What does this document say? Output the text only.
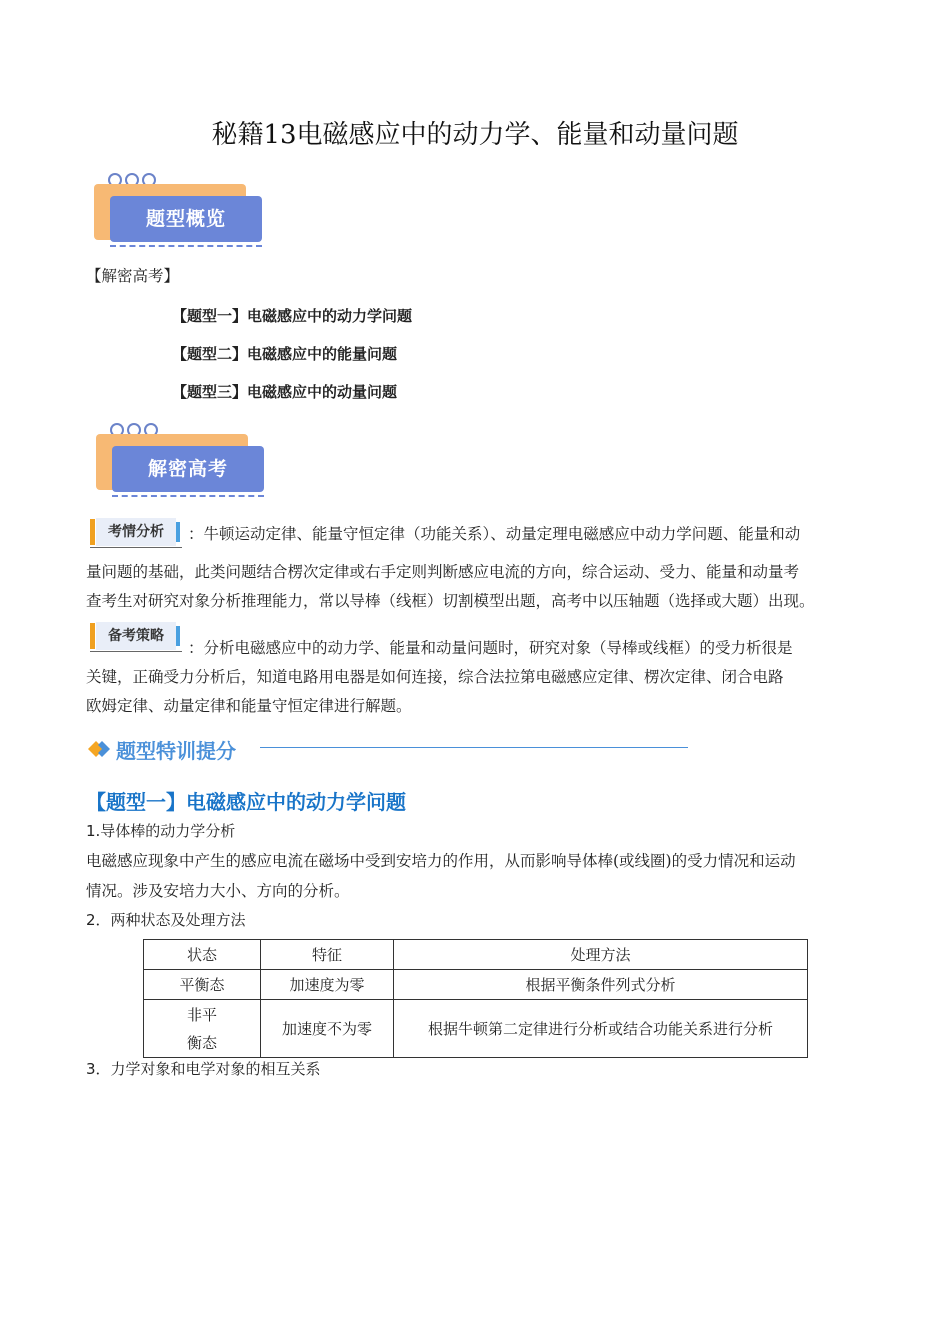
秘籍13电磁感应中的动力学、能量和动量问题
题型概览
【解密高考】
【题型一】电磁感应中的动力学问题
【题型二】电磁感应中的能量问题
【题型三】电磁感应中的动量问题
解密高考
考情分析	：牛顿运动定律、能量守恒定律（功能关系）、动量定理电磁感应中动力学问题、能量和动
量问题的基础，此类问题结合楞次定律或右手定则判断感应电流的方向，综合运动、受力、能量和动量考
查考生对研究对象分析推理能力，常以导棒（线框）切割模型出题，高考中以压轴题（选择或大题）出现。
备考策略
：分析电磁感应中的动力学、能量和动量问题时，研究对象（导棒或线框）的受力析很是
关键，正确受力分析后，知道电路用电器是如何连接，综合法拉第电磁感应定律、楞次定律、闭合电路
欧姆定律、动量定律和能量守恒定律进行解题。
题型特训提分
【题型一】电磁感应中的动力学问题
1.导体棒的动力学分析
电磁感应现象中产生的感应电流在磁场中受到安培力的作用，从而影响导体棒(或线圈)的受力情况和运动
情况。涉及安培力大小、方向的分析。
2．两种状态及处理方法
状态	特征	处理方法
平衡态	加速度为零	根据平衡条件列式分析
非平
衡态	加速度不为零	根据牛顿第二定律进行分析或结合功能关系进行分析
3．力学对象和电学对象的相互关系
